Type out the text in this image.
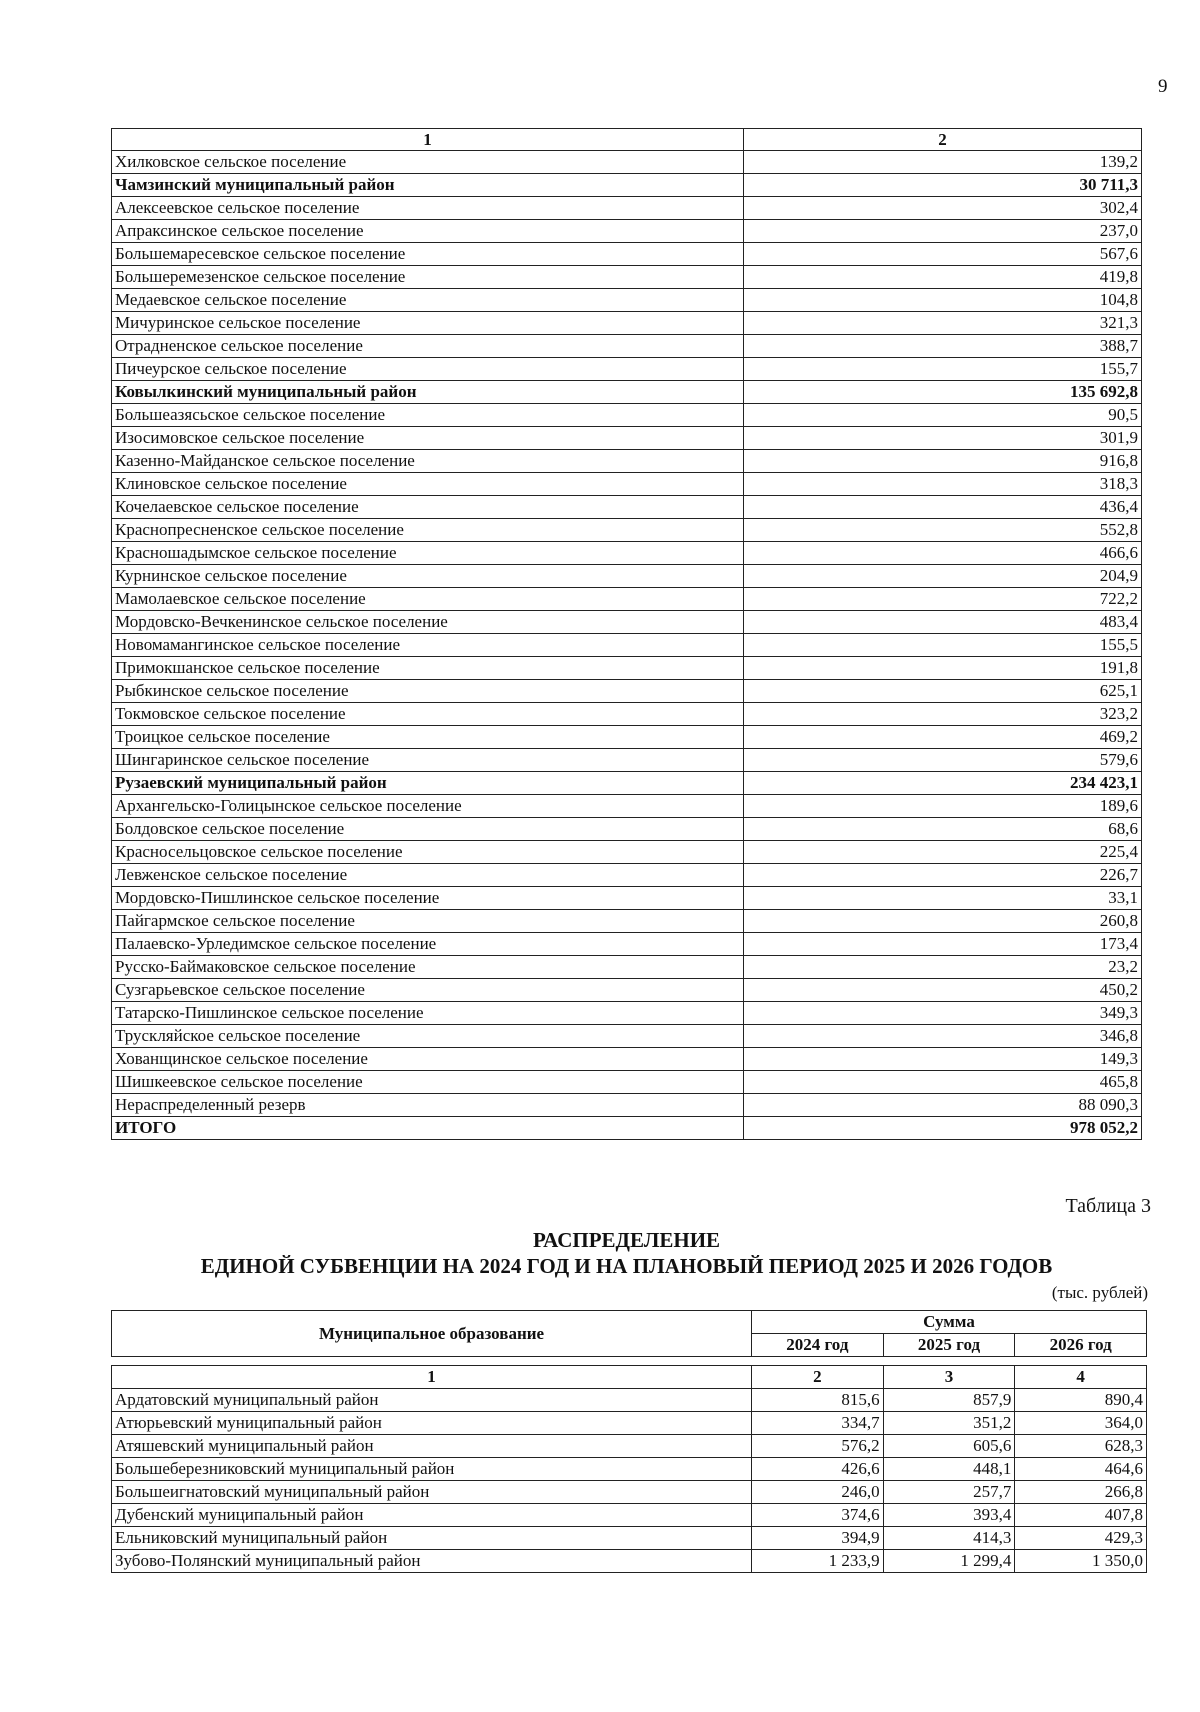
9
1	2
Хилковское сельское поселение	139,2
Чамзинский муниципальный район	30 711,3
Алексеевское сельское поселение	302,4
Апраксинское сельское поселение	237,0
Большемаресевское сельское поселение	567,6
Большеремезенское сельское поселение	419,8
Медаевское сельское поселение	104,8
Мичуринское сельское поселение	321,3
Отрадненское сельское поселение	388,7
Пичеурское сельское поселение	155,7
Ковылкинский муниципальный район	135 692,8
Большеазясьское сельское поселение	90,5
Изосимовское сельское поселение	301,9
Казенно-Майданское сельское поселение	916,8
Клиновское сельское поселение	318,3
Кочелаевское сельское поселение	436,4
Краснопресненское сельское поселение	552,8
Красношадымское сельское поселение	466,6
Курнинское сельское поселение	204,9
Мамолаевское сельское поселение	722,2
Мордовско-Вечкенинское сельское поселение	483,4
Новомамангинское сельское поселение	155,5
Примокшанское сельское поселение	191,8
Рыбкинское сельское поселение	625,1
Токмовское сельское поселение	323,2
Троицкое сельское поселение	469,2
Шингаринское сельское поселение	579,6
Рузаевский муниципальный район	234 423,1
Архангельско-Голицынское сельское поселение	189,6
Болдовское сельское поселение	68,6
Красносельцовское сельское поселение	225,4
Левженское сельское поселение	226,7
Мордовско-Пишлинское сельское поселение	33,1
Пайгармское сельское поселение	260,8
Палаевско-Урледимское сельское поселение	173,4
Русско-Баймаковское сельское поселение	23,2
Сузгарьевское сельское поселение	450,2
Татарско-Пишлинское сельское поселение	349,3
Трускляйское сельское поселение	346,8
Хованщинское сельское поселение	149,3
Шишкеевское сельское поселение	465,8
Нераспределенный резерв	88 090,3
ИТОГО	978 052,2
Таблица 3
РАСПРЕДЕЛЕНИЕ
ЕДИНОЙ СУБВЕНЦИИ НА 2024 ГОД И НА ПЛАНОВЫЙ ПЕРИОД 2025 И 2026 ГОДОВ
(тыс. рублей)
Муниципальное образование	Сумма		
	2024 год	2025 год	2026 год

1	2	3	4
Ардатовский муниципальный район	815,6	857,9	890,4
Атюрьевский муниципальный район	334,7	351,2	364,0
Атяшевский муниципальный район	576,2	605,6	628,3
Большеберезниковский муниципальный район	426,6	448,1	464,6
Большеигнатовский муниципальный район	246,0	257,7	266,8
Дубенский муниципальный район	374,6	393,4	407,8
Ельниковский муниципальный район	394,9	414,3	429,3
Зубово-Полянский муниципальный район	1 233,9	1 299,4	1 350,0
